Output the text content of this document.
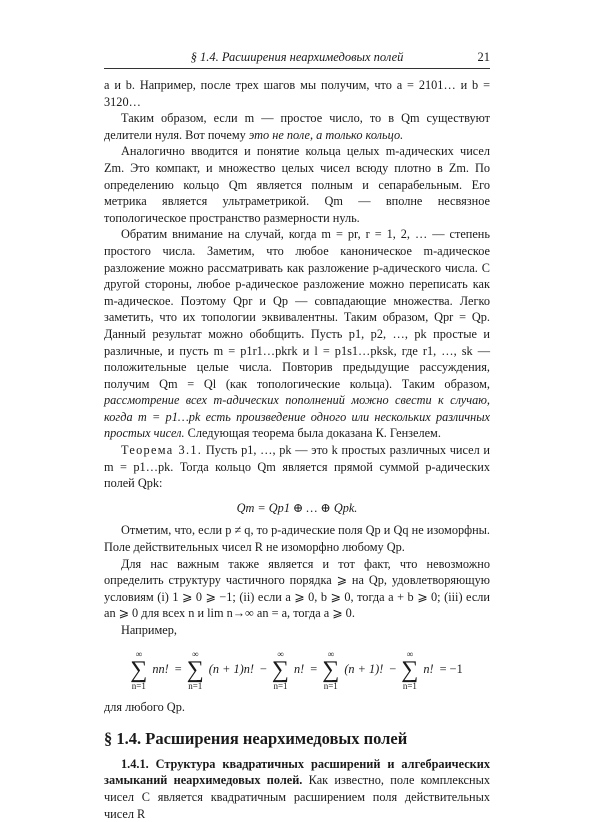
§ 1.4. Расширения неархимедовых полей	21

a и b. Например, после трех шагов мы получим, что a = 2101… и b = 3120…

Таким образом, если m — простое число, то в Qm существуют делители нуля. Вот почему это не поле, а только кольцо.

Аналогично вводится и понятие кольца целых m-адических чисел Zm. Это компакт, и множество целых чисел всюду плотно в Zm. По определению кольцо Qm является полным и сепарабельным. Его метрика является ультраметрикой. Qm — вполне несвязное топологическое пространство размерности нуль.

Обратим внимание на случай, когда m = pr, r = 1, 2, … — степень простого числа. Заметим, что любое каноническое m-адическое разложение можно рассматривать как разложение p-адического числа. С другой стороны, любое p-адическое разложение можно переписать как m-адическое. Поэтому Qpr и Qp — совпадающие множества. Легко заметить, что их топологии эквивалентны. Таким образом, Qpr = Qp. Данный результат можно обобщить. Пусть p1, p2, …, pk простые и различные, и пусть m = p1r1…pkrk и l = p1s1…pksk, где r1, …, sk — положительные целые числа. Повторив предыдущие рассуждения, получим Qm = Ql (как топологические кольца). Таким образом, рассмотрение всех m-адических пополнений можно свести к случаю, когда m = p1…pk есть произведение одного или нескольких различных простых чисел. Следующая теорема была доказана К. Гензелем.

Теорема 3.1. Пусть p1, …, pk — это k простых различных чисел и m = p1…pk. Тогда кольцо Qm является прямой суммой p-адических полей Qpk:

Qm = Qp1 ⊕ … ⊕ Qpk.

Отметим, что, если p ≠ q, то p-адические поля Qp и Qq не изоморфны. Поле действительных чисел R не изоморфно любому Qp.

Для нас важным также является и тот факт, что невозможно определить структуру частичного порядка ⩾ на Qp, удовлетворяющую условиям (i) 1 ⩾ 0 ⩾ −1; (ii) если a ⩾ 0, b ⩾ 0, тогда a + b ⩾ 0; (iii) если an ⩾ 0 для всех n и lim n→∞ an = a, тогда a ⩾ 0.

Например,

∞
∑
n=1
nn! =
∞
∑
n=1
(n + 1)n! −
∞
∑
n=1
n! =
∞
∑
n=1
(n + 1)! −
∞
∑
n=1
n! = −1

для любого Qp.

§ 1.4. Расширения неархимедовых полей

1.4.1. Структура квадратичных расширений и алгебраических замыканий неархимедовых полей. Как известно, поле комплексных чисел C является квадратичным расширением поля действительных чисел R
